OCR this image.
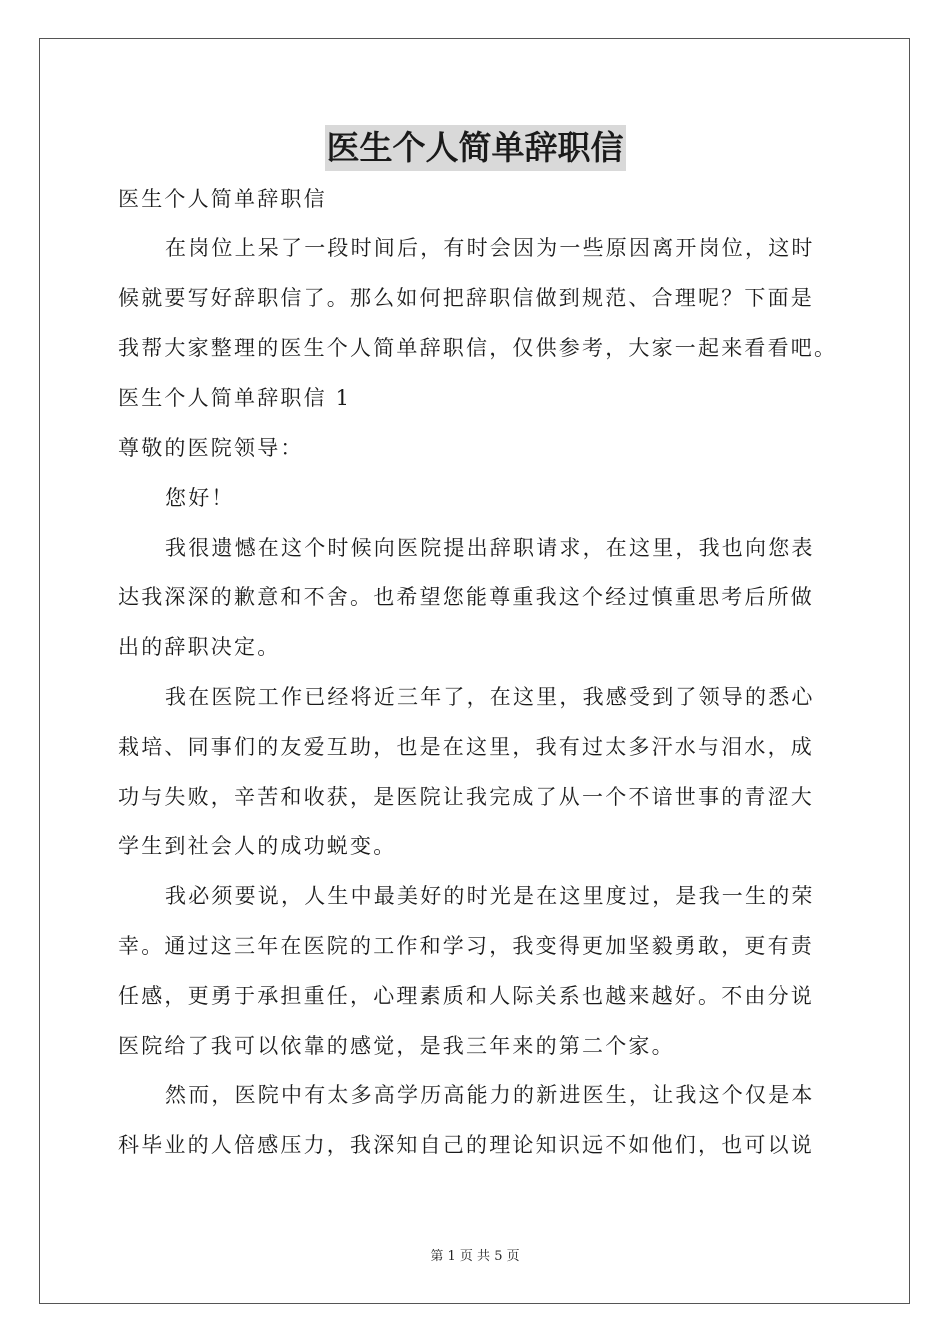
医生个人简单辞职信
医生个人简单辞职信
在岗位上呆了一段时间后，有时会因为一些原因离开岗位，这时
候就要写好辞职信了。那么如何把辞职信做到规范、合理呢？下面是
我帮大家整理的医生个人简单辞职信，仅供参考，大家一起来看看吧。
医生个人简单辞职信 1
尊敬的医院领导：
您好！
我很遗憾在这个时候向医院提出辞职请求，在这里，我也向您表
达我深深的歉意和不舍。也希望您能尊重我这个经过慎重思考后所做
出的辞职决定。
我在医院工作已经将近三年了，在这里，我感受到了领导的悉心
栽培、同事们的友爱互助，也是在这里，我有过太多汗水与泪水，成
功与失败，辛苦和收获，是医院让我完成了从一个不谙世事的青涩大
学生到社会人的成功蜕变。
我必须要说，人生中最美好的时光是在这里度过，是我一生的荣
幸。通过这三年在医院的工作和学习，我变得更加坚毅勇敢，更有责
任感，更勇于承担重任，心理素质和人际关系也越来越好。不由分说
医院给了我可以依靠的感觉，是我三年来的第二个家。
然而，医院中有太多高学历高能力的新进医生，让我这个仅是本
科毕业的人倍感压力，我深知自己的理论知识远不如他们，也可以说
第 1 页 共 5 页
